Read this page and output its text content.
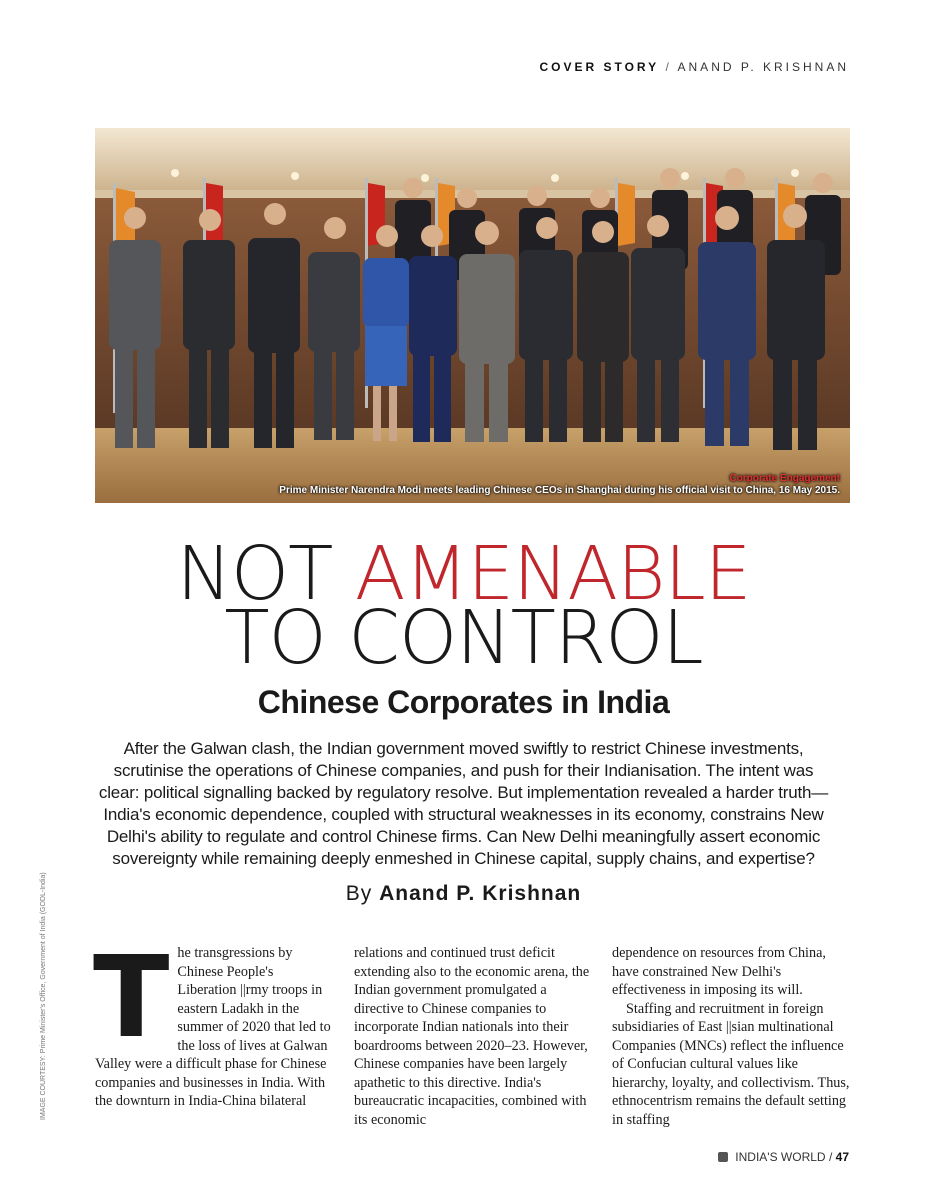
COVER STORY / ANAND P. KRISHNAN
Corporate Engagement
Prime Minister Narendra Modi meets leading Chinese CEOs in Shanghai during his official visit to China, 16 May 2015.
NOT AMENABLE
TO CONTROL
Chinese Corporates in India
After the Galwan clash, the Indian government moved swiftly to restrict Chinese investments, scrutinise the operations of Chinese companies, and push for their Indianisation. The intent was clear: political signalling backed by regulatory resolve. But implementation revealed a harder truth—India's economic dependence, coupled with structural weaknesses in its economy, constrains New Delhi's ability to regulate and control Chinese firms. Can New Delhi meaningfully assert economic sovereignty while remaining deeply enmeshed in Chinese capital, supply chains, and expertise?
By Anand P. Krishnan
IMAGE COURTESY: Prime Minister's Office, Government of India (GODL-India) T he transgressions by Chinese People's Liberation ||rmy troops in eastern Ladakh in the summer of 2020 that led to the loss of lives at Galwan Valley were a difficult phase for Chinese companies and businesses in India. With the downturn in India-China bilateral

relations and continued trust deficit extending also to the economic arena, the Indian government promulgated a directive to Chinese companies to incorporate Indian nationals into their boardrooms between 2020–23. However, Chinese companies have been largely apathetic to this directive. India's bureaucratic incapacities, combined with its economic

dependence on resources from China, have constrained New Delhi's effectiveness in imposing its will.

Staffing and recruitment in foreign subsidiaries of East ||sian multinational Companies (MNCs) reflect the influence of Confucian cultural values like hierarchy, loyalty, and collectivism. Thus, ethnocentrism remains the default setting in staffing

INDIA'S WORLD / 47
